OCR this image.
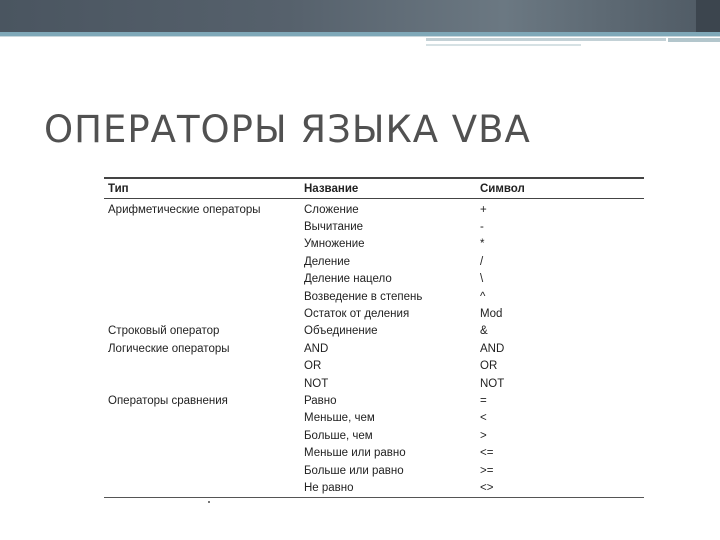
ОПЕРАТОРЫ ЯЗЫКА VBA
Тип	Название	Символ
Арифметические операторы	Сложение	+
	Вычитание	-
	Умножение	*
	Деление	/
	Деление нацело	\
	Возведение в степень	^
	Остаток от деления	Mod
Строковый оператор	Объединение	&
Логические операторы	AND	AND
	OR	OR
	NOT	NOT
Операторы сравнения	Равно	=
	Меньше, чем	<
	Больше, чем	>
	Меньше или равно	<=
	Больше или равно	>=
	Не равно	<>
